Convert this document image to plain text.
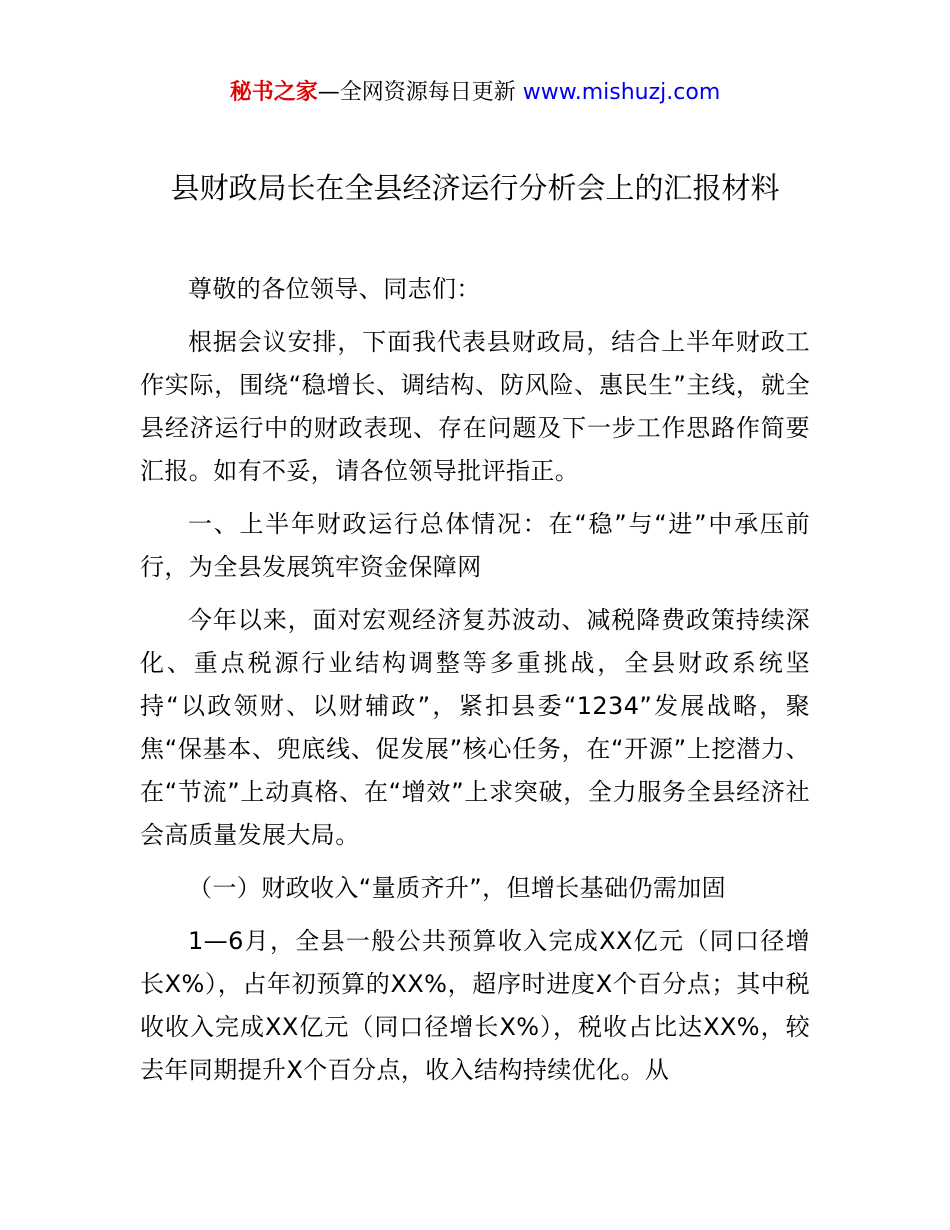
秘书之家—全网资源每日更新 www.mishuzj.com
县财政局长在全县经济运行分析会上的汇报材料

尊敬的各位领导、同志们：

根据会议安排，下面我代表县财政局，结合上半年财政工作实际，围绕“稳增长、调结构、防风险、惠民生”主线，就全县经济运行中的财政表现、存在问题及下一步工作思路作简要汇报。如有不妥，请各位领导批评指正。

一、上半年财政运行总体情况：在“稳”与“进”中承压前行，为全县发展筑牢资金保障网

今年以来，面对宏观经济复苏波动、减税降费政策持续深化、重点税源行业结构调整等多重挑战，全县财政系统坚持“以政领财、以财辅政”，紧扣县委“1234”发展战略，聚焦“保基本、兜底线、促发展”核心任务，在“开源”上挖潜力、在“节流”上动真格、在“增效”上求突破，全力服务全县经济社会高质量发展大局。

（一）财政收入“量质齐升”，但增长基础仍需加固

1—6月，全县一般公共预算收入完成XX亿元（同口径增长X%），占年初预算的XX%，超序时进度X个百分点；其中税收收入完成XX亿元（同口径增长X%），税收占比达XX%，较去年同期提升X个百分点，收入结构持续优化。从
